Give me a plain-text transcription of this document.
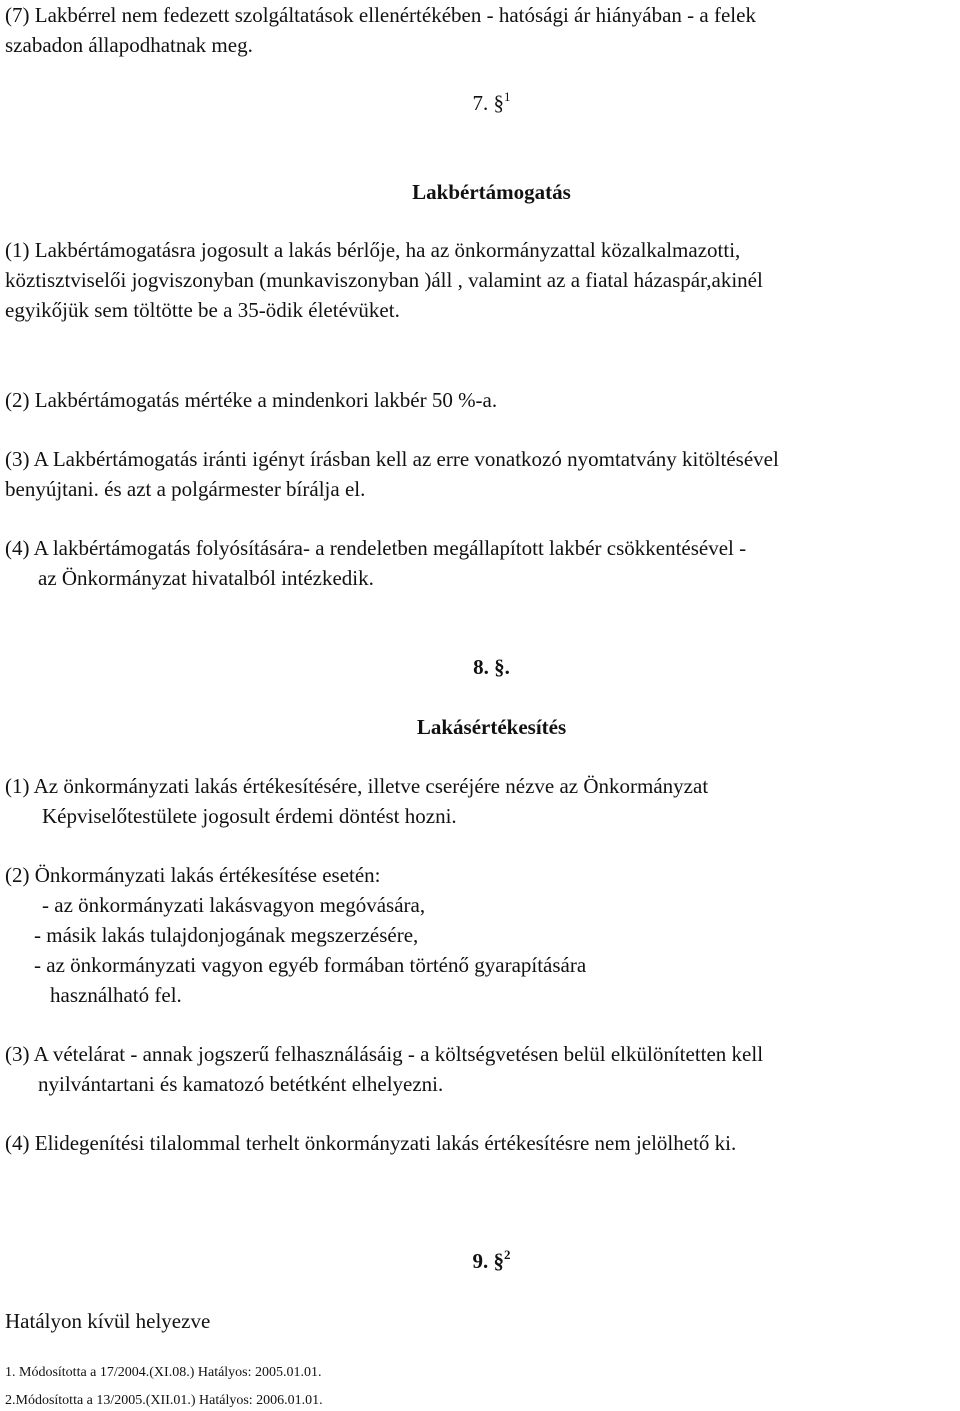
(7) Lakbérrel nem fedezett szolgáltatások ellenértékében - hatósági ár hiányában - a felek

szabadon állapodhatnak meg.

7. §$^1$

Lakbértámogatás

(1) Lakbértámogatásra jogosult a lakás bérlője, ha az önkormányzattal közalkalmazotti,

köztisztviselői jogviszonyban (munkaviszonyban )áll , valamint az a fiatal házaspár,akinél

egyikőjük sem töltötte be a 35-ödik életévüket.

(2) Lakbértámogatás mértéke a mindenkori lakbér 50 %-a.

(3) A Lakbértámogatás iránti igényt írásban kell az erre vonatkozó nyomtatvány kitöltésével

benyújtani. és azt a polgármester bírálja el.

(4) A lakbértámogatás folyósítására- a rendeletben megállapított lakbér csökkentésével -

az Önkormányzat hivatalból intézkedik.

8. §.

Lakásértékesítés

(1) Az önkormányzati lakás értékesítésére, illetve cseréjére nézve az Önkormányzat

Képviselőtestülete jogosult érdemi döntést hozni.

(2) Önkormányzati lakás értékesítése esetén:

- az önkormányzati lakásvagyon megóvására,

- másik lakás tulajdonjogának megszerzésére,

- az önkormányzati vagyon egyéb formában történő gyarapítására

használható fel.

(3) A vételárat - annak jogszerű felhasználásáig - a költségvetésen belül elkülönítetten kell

nyilvántartani és kamatozó betétként elhelyezni.

(4) Elidegenítési tilalommal terhelt önkormányzati lakás értékesítésre nem jelölhető ki.

9. §$^2$

Hatályon kívül helyezve

1. Módosította a 17/2004.(XI.08.) Hatályos: 2005.01.01.

2.Módosította a 13/2005.(XII.01.) Hatályos: 2006.01.01.
